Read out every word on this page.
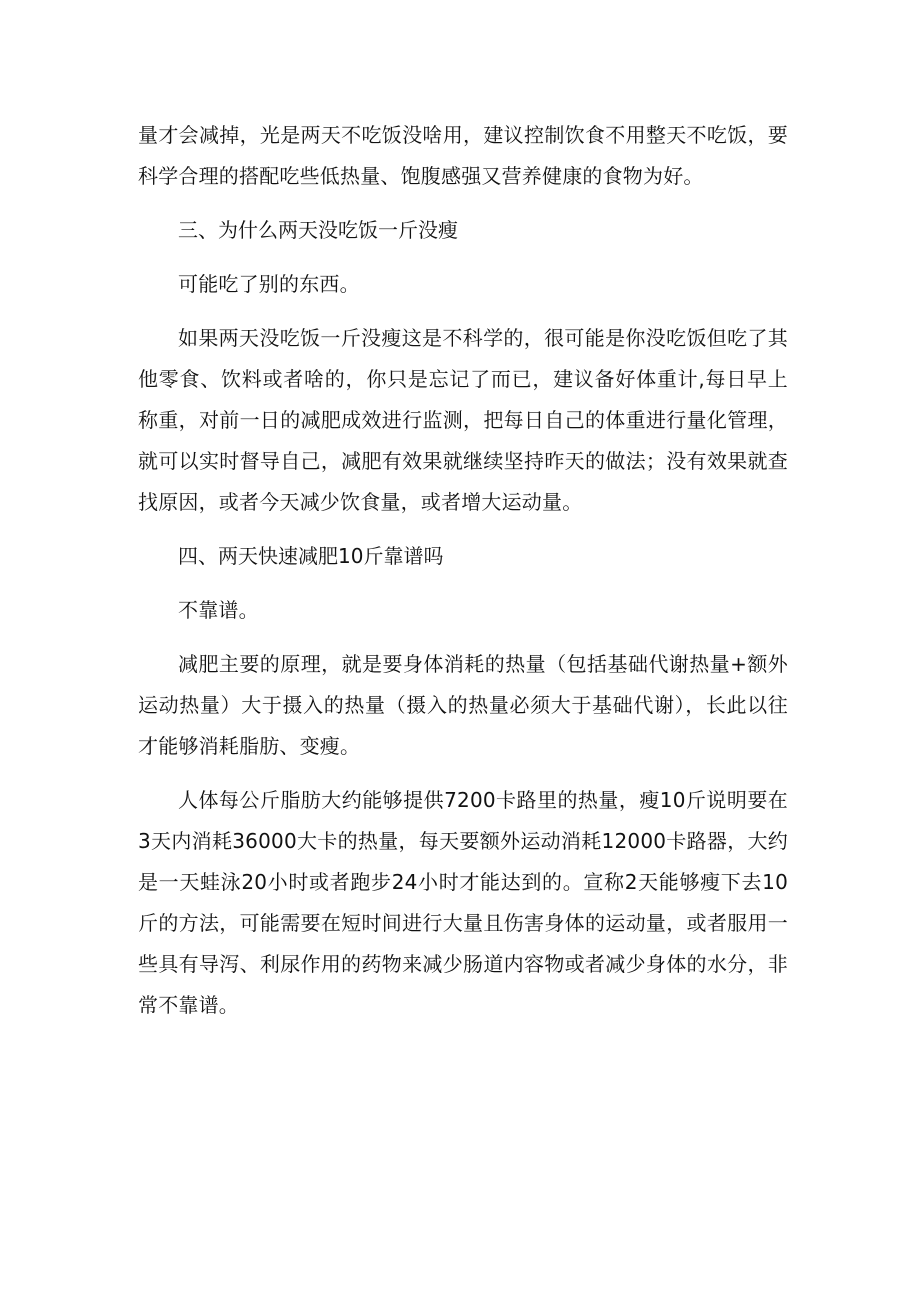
量才会减掉，光是两天不吃饭没啥用，建议控制饮食不用整天不吃饭，要科学合理的搭配吃些低热量、饱腹感强又营养健康的食物为好。

三、为什么两天没吃饭一斤没瘦

可能吃了别的东西。

如果两天没吃饭一斤没瘦这是不科学的，很可能是你没吃饭但吃了其他零食、饮料或者啥的，你只是忘记了而已，建议备好体重计,每日早上称重，对前一日的减肥成效进行监测，把每日自己的体重进行量化管理，就可以实时督导自己，减肥有效果就继续坚持昨天的做法；没有效果就查找原因，或者今天减少饮食量，或者增大运动量。

四、两天快速减肥10斤靠谱吗

不靠谱。

减肥主要的原理，就是要身体消耗的热量（包括基础代谢热量+额外运动热量）大于摄入的热量（摄入的热量必须大于基础代谢），长此以往才能够消耗脂肪、变瘦。

人体每公斤脂肪大约能够提供7200卡路里的热量，瘦10斤说明要在3天内消耗36000大卡的热量，每天要额外运动消耗12000卡路器，大约是一天蛙泳20小时或者跑步24小时才能达到的。宣称2天能够瘦下去10斤的方法，可能需要在短时间进行大量且伤害身体的运动量，或者服用一些具有导泻、利尿作用的药物来减少肠道内容物或者减少身体的水分，非常不靠谱。
